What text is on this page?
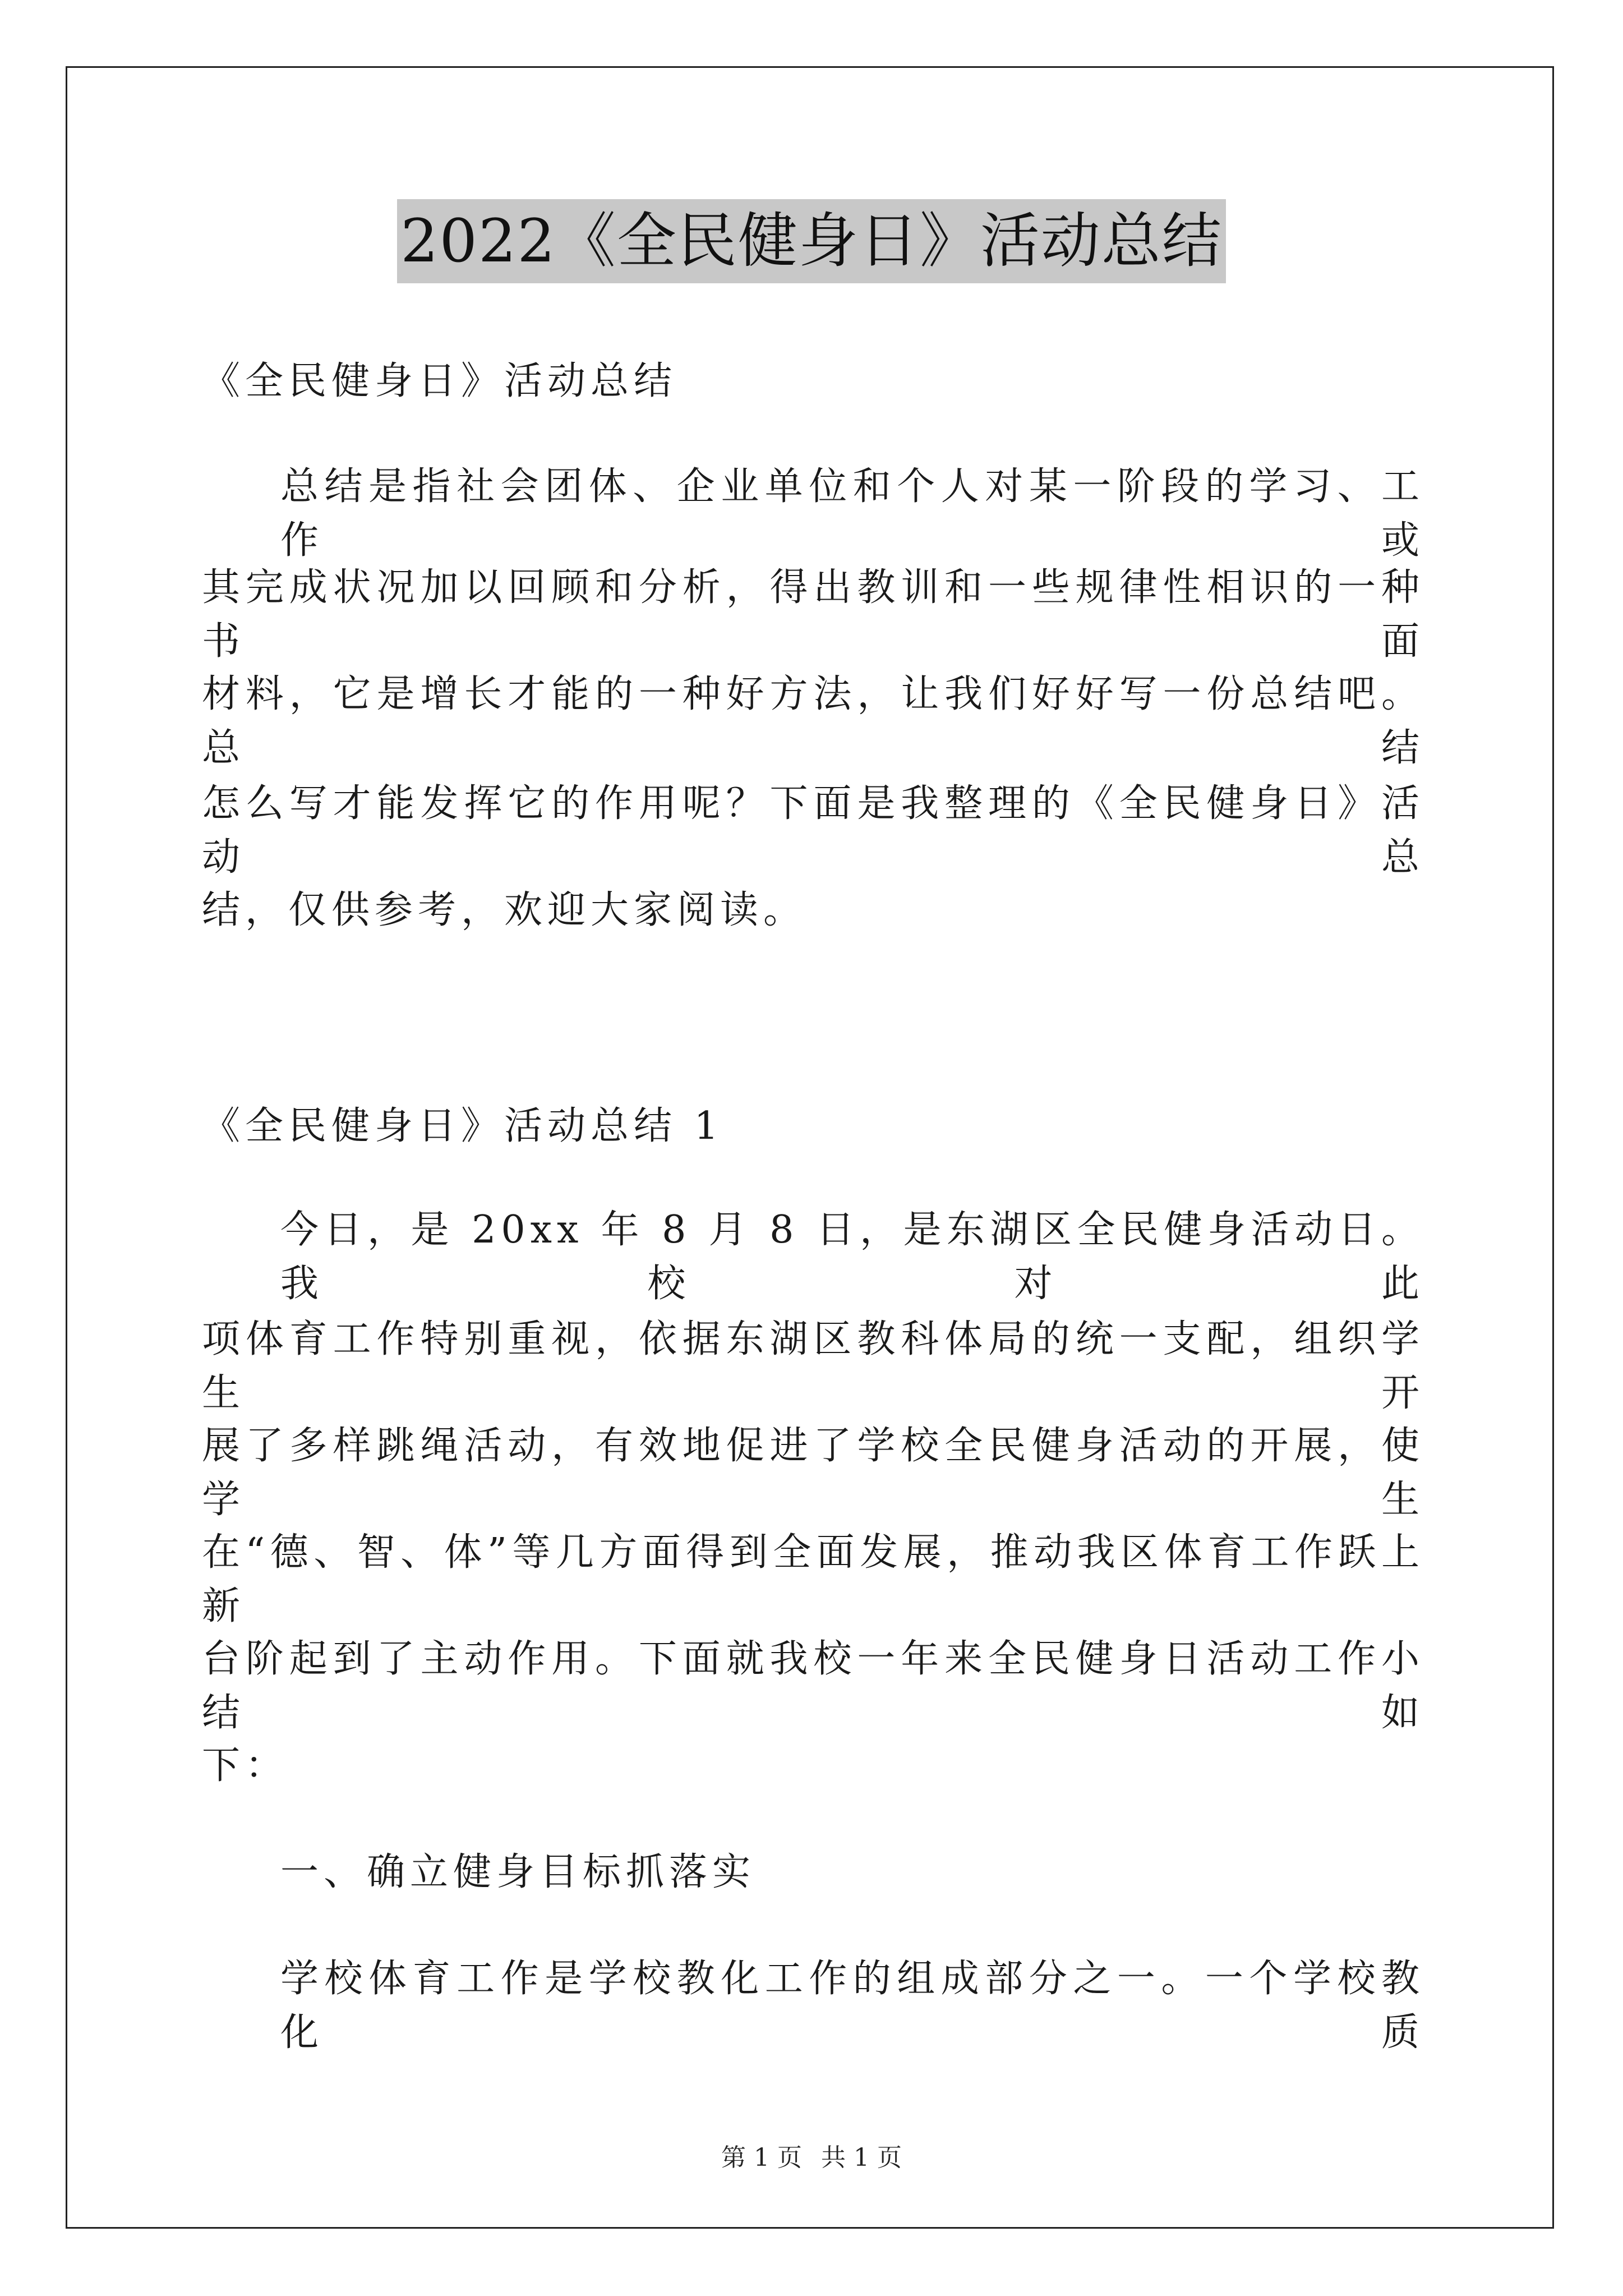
2022《全民健身日》活动总结
《全民健身日》活动总结
总结是指社会团体、企业单位和个人对某一阶段的学习、工作或
其完成状况加以回顾和分析，得出教训和一些规律性相识的一种书面
材料，它是增长才能的一种好方法，让我们好好写一份总结吧。总结
怎么写才能发挥它的作用呢？下面是我整理的《全民健身日》活动总
结，仅供参考，欢迎大家阅读。
《全民健身日》活动总结 1
今日，是 20xx 年 8 月 8 日，是东湖区全民健身活动日。我校对此
项体育工作特别重视，依据东湖区教科体局的统一支配，组织学生开
展了多样跳绳活动，有效地促进了学校全民健身活动的开展，使学生
在“德、智、体”等几方面得到全面发展，推动我区体育工作跃上新
台阶起到了主动作用。下面就我校一年来全民健身日活动工作小结如
下：
一、确立健身目标抓落实
学校体育工作是学校教化工作的组成部分之一。一个学校教化质
第 1 页 共 1 页
